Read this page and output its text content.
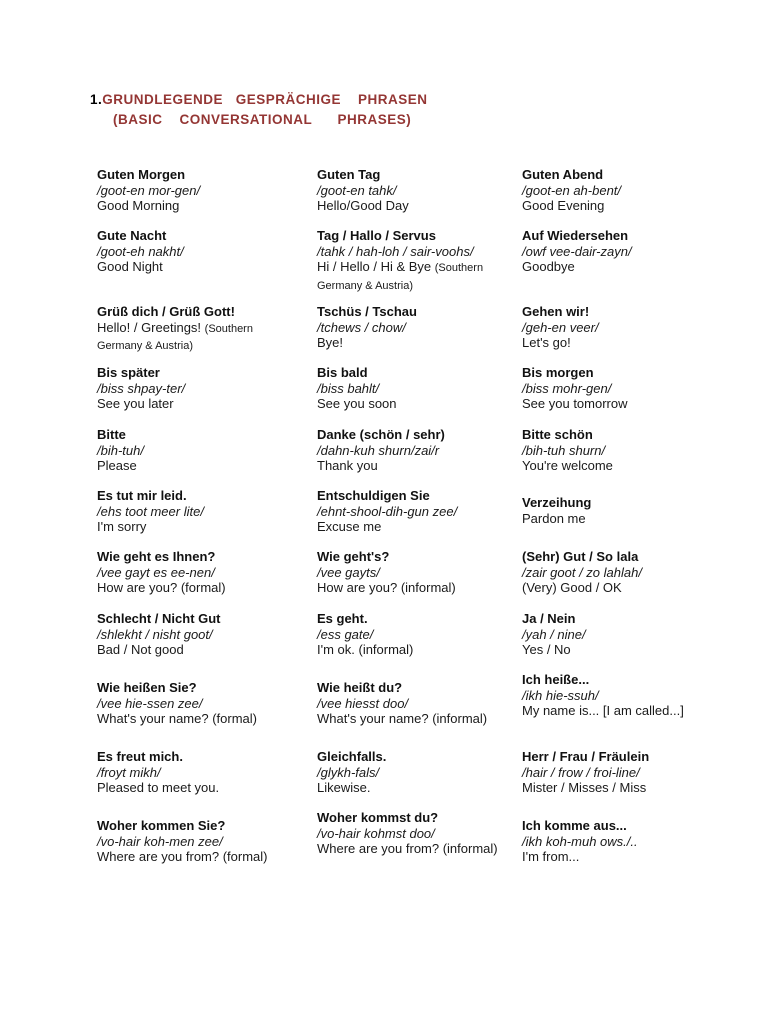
1.GRUNDLEGENDE   GESPRÄCHIGE    PHRASEN
(BASIC    CONVERSATIONAL      PHRASES)
Guten Morgen
/goot-en mor-gen/
Good Morning
Guten Tag
/goot-en tahk/
Hello/Good Day
Guten Abend
/goot-en ah-bent/
Good Evening
Gute Nacht
/goot-eh nakht/
Good Night
Tag / Hallo / Servus
/tahk / hah-loh / sair-voohs/
Hi / Hello / Hi & Bye (Southern Germany & Austria)
Auf Wiedersehen
/owf vee-dair-zayn/
Goodbye
Grüß dich / Grüß Gott!
Hello! / Greetings! (Southern Germany & Austria)
Tschüs / Tschau
/tchews / chow/
Bye!
Gehen wir!
/geh-en veer/
Let's go!
Bis später
/biss shpay-ter/
See you later
Bis bald
/biss bahlt/
See you soon
Bis morgen
/biss mohr-gen/
See you tomorrow
Bitte
/bih-tuh/
Please
Danke (schön / sehr)
/dahn-kuh shurn/zai/r
Thank you
Bitte schön
/bih-tuh shurn/
You're welcome
Es tut mir leid.
/ehs toot meer lite/
I'm sorry
Entschuldigen Sie
/ehnt-shool-dih-gun zee/
Excuse me
Verzeihung
Pardon me
Wie geht es Ihnen?
/vee gayt es ee-nen/
How are you? (formal)
Wie geht's?
/vee gayts/
How are you? (informal)
(Sehr) Gut / So lala
/zair goot / zo lahlah/
(Very) Good / OK
Schlecht / Nicht Gut
/shlekht / nisht goot/
Bad / Not good
Es geht.
/ess gate/
I'm ok. (informal)
Ja / Nein
/yah / nine/
Yes / No
Wie heißen Sie?
/vee hie-ssen zee/
What's your name? (formal)
Wie heißt du?
/vee hiesst doo/
What's your name? (informal)
Ich heiße...
/ikh hie-ssuh/
My name is... [I am called...]
Es freut mich.
/froyt mikh/
Pleased to meet you.
Gleichfalls.
/glykh-fals/
Likewise.
Herr / Frau / Fräulein
/hair / frow / froi-line/
Mister / Misses / Miss
Woher kommen Sie?
/vo-hair koh-men zee/
Where are you from? (formal)
Woher kommst du?
/vo-hair kohmst doo/
Where are you from? (informal)
Ich komme aus...
/ikh koh-muh ows./..
I'm from...
